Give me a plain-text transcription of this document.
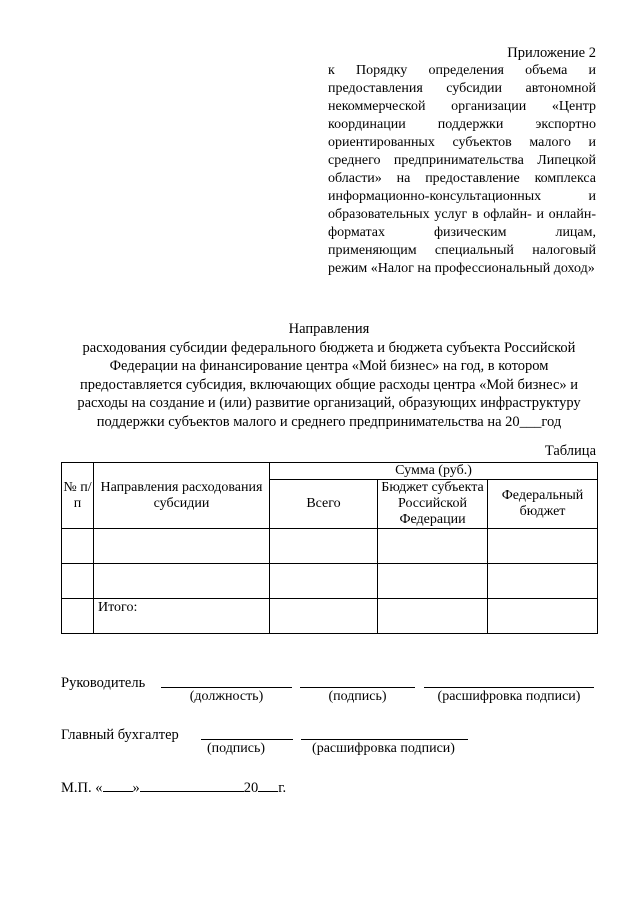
Приложение 2
к Порядку определения объема и предоставления субсидии автономной некоммерческой организации «Центр координации поддержки экспортно ориентированных субъектов малого и среднего предпринимательства Липецкой области» на предоставление комплекса информационно-консультационных и образовательных услуг в офлайн- и онлайн-форматах физическим лицам, применяющим специальный налоговый режим «Налог на профессиональный доход»
Направления
расходования субсидии федерального бюджета и бюджета субъекта Российской Федерации на финансирование центра «Мой бизнес» на год, в котором предоставляется субсидия, включающих общие расходы центра «Мой бизнес» и расходы на создание и (или) развитие организаций, образующих инфраструктуру поддержки субъектов малого и среднего предпринимательства на 20___год
Таблица
№ п/п	Направления расходования субсидии	Сумма (руб.)		
		Всего	Бюджет субъекта Российской Федерации	Федеральный бюджет

	Итого:			
Руководитель
(должность)	(подпись)	(расшифровка подписи)
Главный бухгалтер
(подпись)	(расшифровка подписи)
М.П. « »	20 г.
